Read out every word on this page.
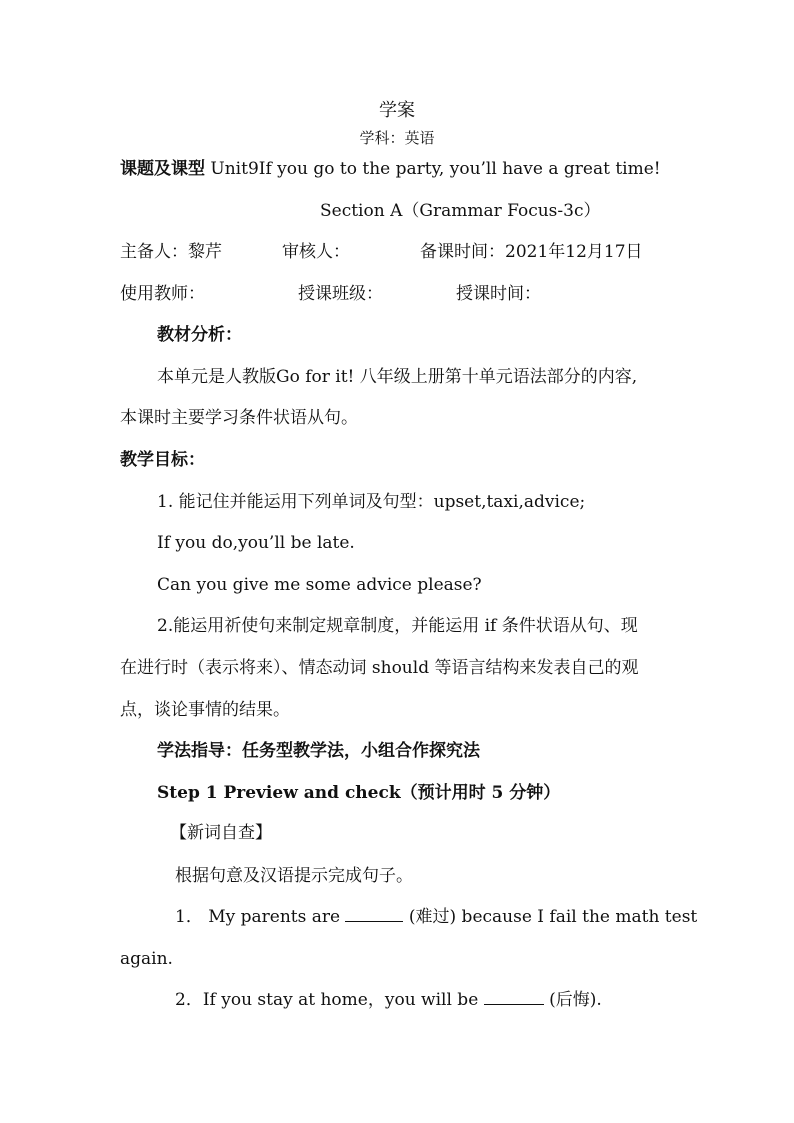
学案
学科：英语
课题及课型 Unit9If you go to the party, you’ll have a great time!
Section A（Grammar Focus-3c）
主备人：黎芹	审核人：	备课时间：2021年12月17日
使用教师：	授课班级：	授课时间：
教材分析：
本单元是人教版Go for it! 八年级上册第十单元语法部分的内容,
本课时主要学习条件状语从句。
教学目标：
1. 能记住并能运用下列单词及句型：upset,taxi,advice;
If you do,you’ll be late.
Can you give me some advice please?
2.能运用祈使句来制定规章制度，并能运用 if 条件状语从句、现
在进行时（表示将来）、情态动词 should 等语言结构来发表自己的观
点，谈论事情的结果。
学法指导：任务型教学法，小组合作探究法
Step 1 Preview and check（预计用时 5 分钟）
【新词自查】
根据句意及汉语提示完成句子。
1． My parents are	(难过) because I fail the math test
again.
2．If you stay at home，you will be	(后悔).
